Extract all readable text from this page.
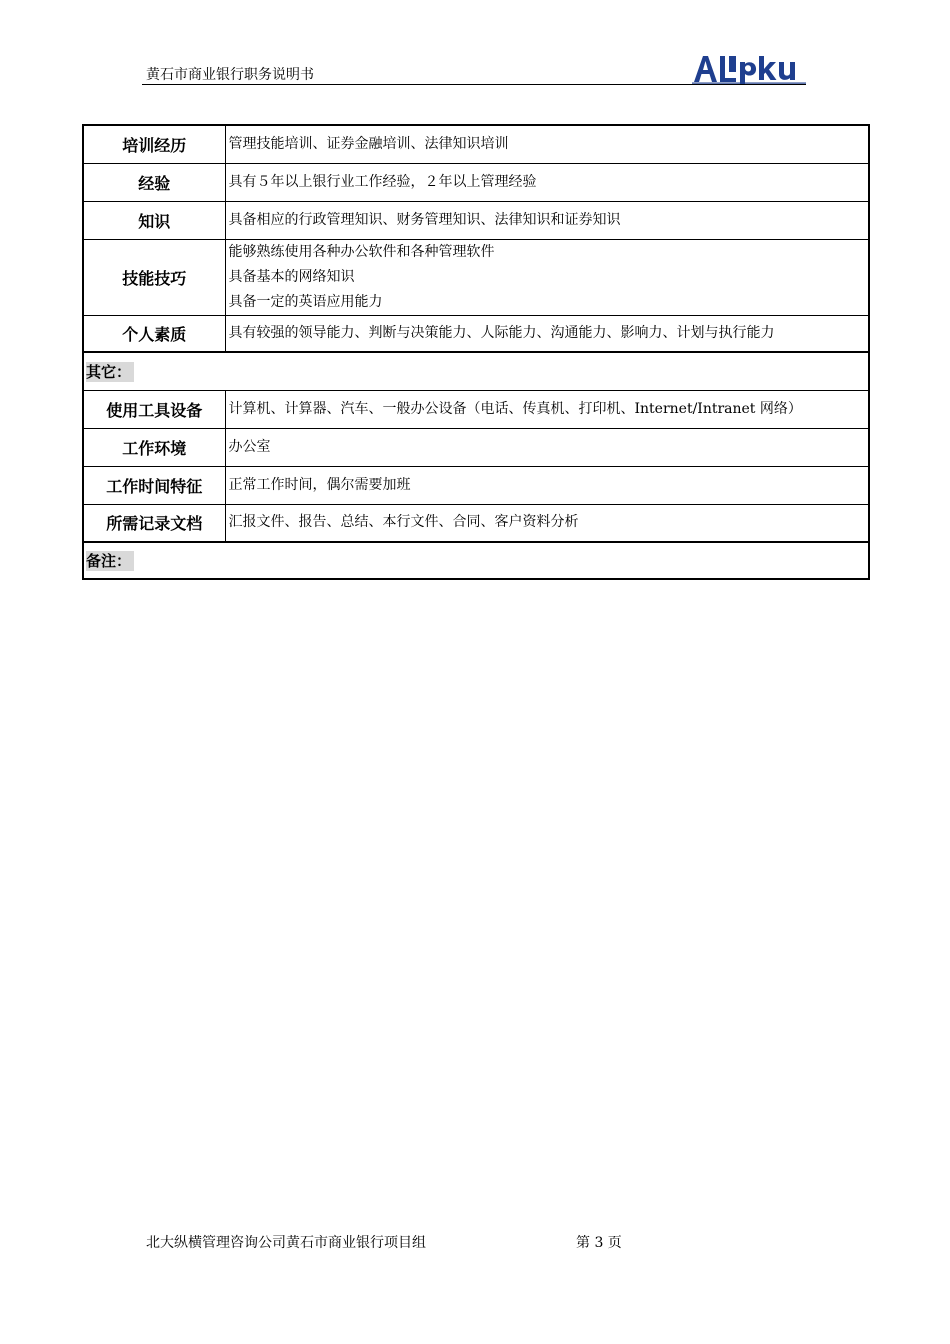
黄石市商业银行职务说明书
培训经历	管理技能培训、证券金融培训、法律知识培训

经验	具有５年以上银行业工作经验，２年以上管理经验

知识	具备相应的行政管理知识、财务管理知识、法律知识和证券知识

技能技巧	能够熟练使用各种办公软件和各种管理软件
具备基本的网络知识
具备一定的英语应用能力

个人素质	具有较强的领导能力、判断与决策能力、人际能力、沟通能力、影响力、计划与执行能力

其它：	
使用工具设备	计算机、计算器、汽车、一般办公设备（电话、传真机、打印机、Internet/Intranet 网络）

工作环境	办公室

工作时间特征	正常工作时间，偶尔需要加班

所需记录文档	汇报文件、报告、总结、本行文件、合同、客户资料分析

备注：	
北大纵横管理咨询公司黄石市商业银行项目组	第 3 页
